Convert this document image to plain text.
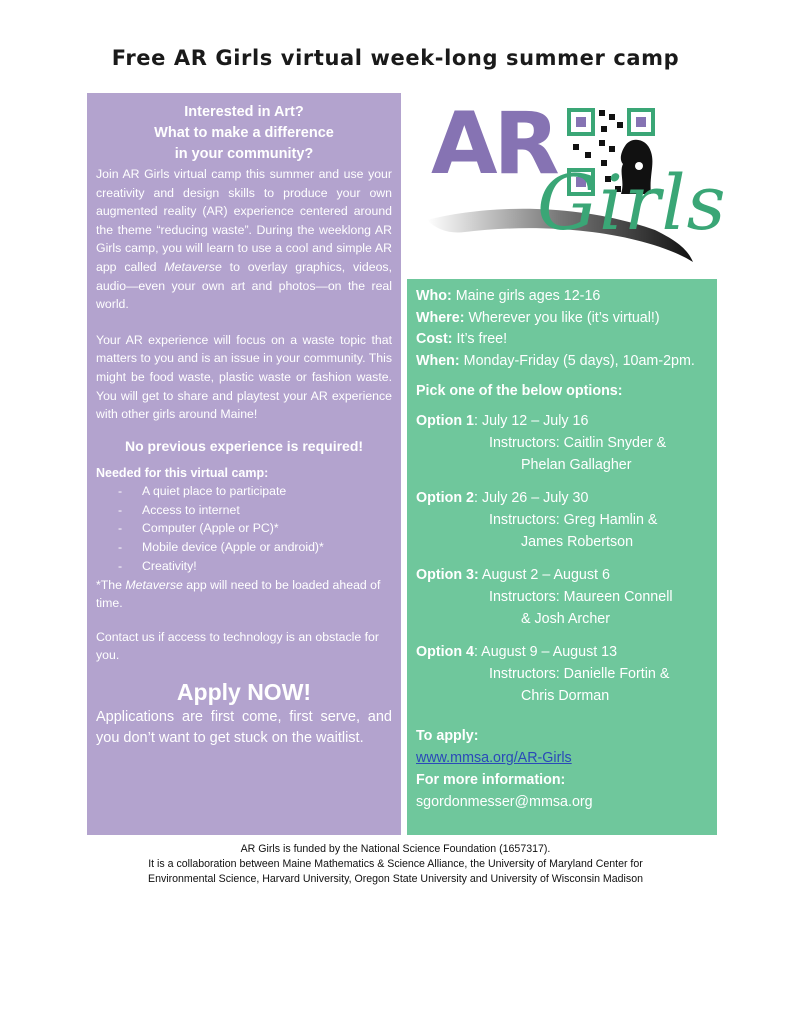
Free AR Girls virtual week-long summer camp
Interested in Art?
What to make a difference
in your community?

Join AR Girls virtual camp this summer and use your creativity and design skills to produce your own augmented reality (AR) experience centered around the theme “reducing waste”. During the weeklong AR Girls camp, you will learn to use a cool and simple AR app called Metaverse to overlay graphics, videos, audio—even your own art and photos—on the real world.

Your AR experience will focus on a waste topic that matters to you and is an issue in your community. This might be food waste, plastic waste or fashion waste. You will get to share and playtest your AR experience with other girls around Maine!

No previous experience is required!
Needed for this virtual camp:
- A quiet place to participate
- Access to internet
- Computer (Apple or PC)*
- Mobile device (Apple or android)*
- Creativity!

*The Metaverse app will need to be loaded ahead of time.

Contact us if access to technology is an obstacle for you.

Apply NOW!

Applications are first come, first serve, and you don’t want to get stuck on the waitlist.

AR
Girls
Who: Maine girls ages 12-16
Where: Wherever you like (it’s virtual!)
Cost: It’s free!
When: Monday-Friday (5 days), 10am-2pm.
Pick one of the below options:
Option 1: July 12 – July 16
Instructors: Caitlin Snyder &
Phelan Gallagher
Option 2: July 26 – July 30
Instructors: Greg Hamlin &
James Robertson
Option 3: August 2 – August 6
Instructors: Maureen Connell
& Josh Archer
Option 4: August 9 – August 13
Instructors: Danielle Fortin &
Chris Dorman
To apply:
www.mmsa.org/AR-Girls
For more information:
sgordonmesser@mmsa.org
AR Girls is funded by the National Science Foundation (1657317).
It is a collaboration between Maine Mathematics & Science Alliance, the University of Maryland Center for
Environmental Science, Harvard University, Oregon State University and University of Wisconsin Madison
